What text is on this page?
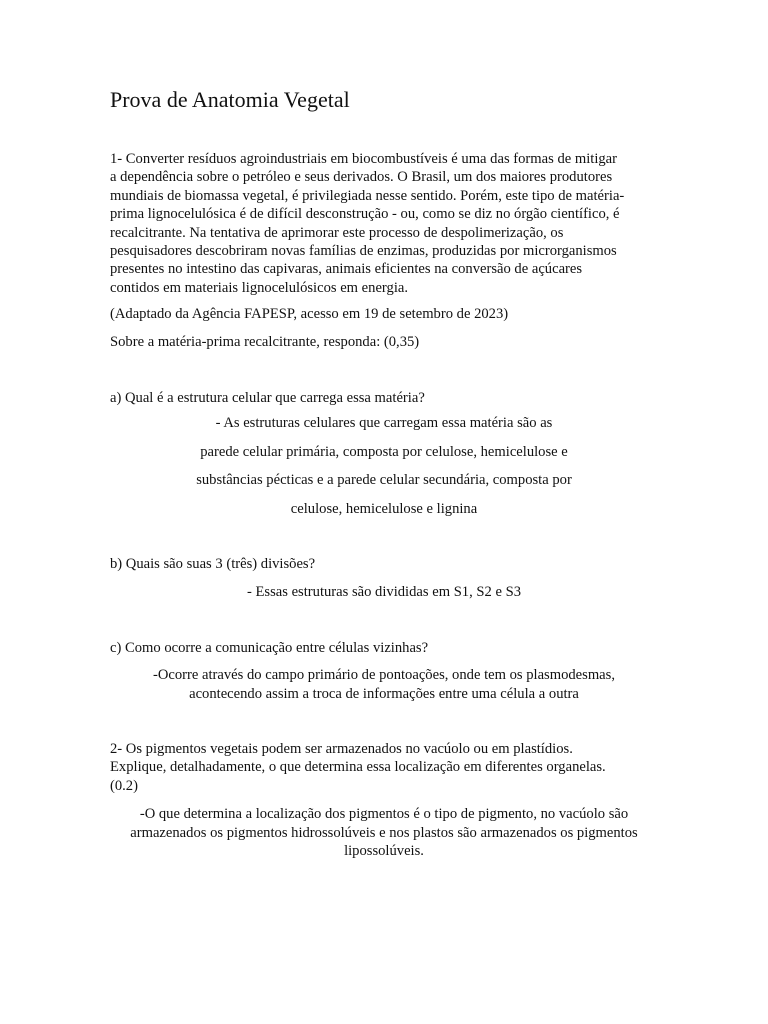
Prova de Anatomia Vegetal
1- Converter resíduos agroindustriais em biocombustíveis é uma das formas de mitigar
a dependência sobre o petróleo e seus derivados. O Brasil, um dos maiores produtores
mundiais de biomassa vegetal, é privilegiada nesse sentido. Porém, este tipo de matéria-
prima lignocelulósica é de difícil desconstrução - ou, como se diz no órgão científico, é
recalcitrante. Na tentativa de aprimorar este processo de despolimerização, os
pesquisadores descobriram novas famílias de enzimas, produzidas por microrganismos
presentes no intestino das capivaras, animais eficientes na conversão de açúcares
contidos em materiais lignocelulósicos em energia.

(Adaptado da Agência FAPESP, acesso em 19 de setembro de 2023)

Sobre a matéria-prima recalcitrante, responda: (0,35)

a) Qual é a estrutura celular que carrega essa matéria?

- As estruturas celulares que carregam essa matéria são as
parede celular primária, composta por celulose, hemicelulose e
substâncias pécticas e a parede celular secundária, composta por
celulose, hemicelulose e lignina

b) Quais são suas 3 (três) divisões?

- Essas estruturas são divididas em S1, S2 e S3

c) Como ocorre a comunicação entre células vizinhas?

-Ocorre através do campo primário de pontoações, onde tem os plasmodesmas,
acontecendo assim a troca de informações entre uma célula a outra
2- Os pigmentos vegetais podem ser armazenados no vacúolo ou em plastídios.
Explique, detalhadamente, o que determina essa localização em diferentes organelas.
(0.2)
-O que determina a localização dos pigmentos é o tipo de pigmento, no vacúolo são
armazenados os pigmentos hidrossolúveis e nos plastos são armazenados os pigmentos
lipossolúveis.
